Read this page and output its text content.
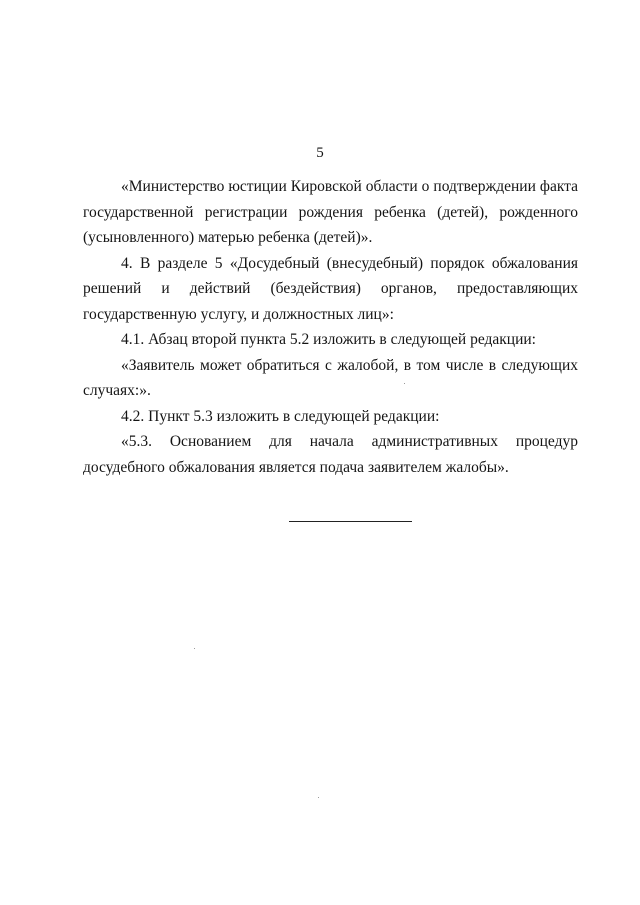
5

«Министерство юстиции Кировской области о подтверждении факта государственной регистрации рождения ребенка (детей), рожденного (усыновленного) матерью ребенка (детей)».

4. В разделе 5 «Досудебный (внесудебный) порядок обжалования решений и действий (бездействия) органов, предоставляющих государственную услугу, и должностных лиц»:

4.1. Абзац второй пункта 5.2 изложить в следующей редакции:

«Заявитель может обратиться с жалобой, в том числе в следующих случаях:».

4.2. Пункт 5.3 изложить в следующей редакции:

«5.3. Основанием для начала административных процедур досудебного обжалования является подача заявителем жалобы».
